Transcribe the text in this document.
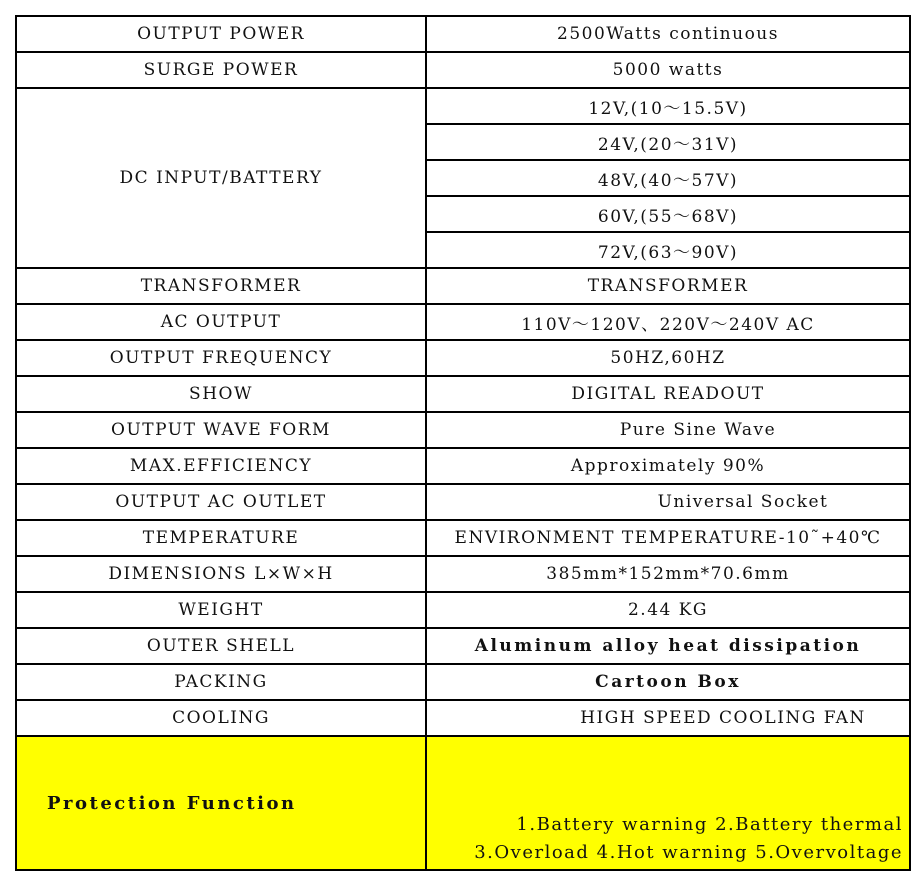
OUTPUT POWER	2500Watts continuous
SURGE POWER	5000 watts
DC INPUT/BATTERY	12V,(10～15.5V)
	24V,(20～31V)
	48V,(40～57V)
	60V,(55～68V)
	72V,(63～90V)
TRANSFORMER	TRANSFORMER
AC OUTPUT	110V～120V、220V～240V AC
OUTPUT FREQUENCY	50HZ,60HZ
SHOW	DIGITAL READOUT
OUTPUT WAVE FORM	Pure Sine Wave
MAX.EFFICIENCY	Approximately 90%
OUTPUT AC OUTLET	Universal Socket
TEMPERATURE	ENVIRONMENT TEMPERATURE-10˜+40℃
DIMENSIONS L×W×H	385mm*152mm*70.6mm
WEIGHT	2.44 KG
OUTER SHELL	Aluminum alloy heat dissipation
PACKING	Cartoon Box
COOLING	HIGH SPEED COOLING FAN
Protection Function	1.Battery warning 2.Battery thermal
3.Overload 4.Hot warning 5.Overvoltage
